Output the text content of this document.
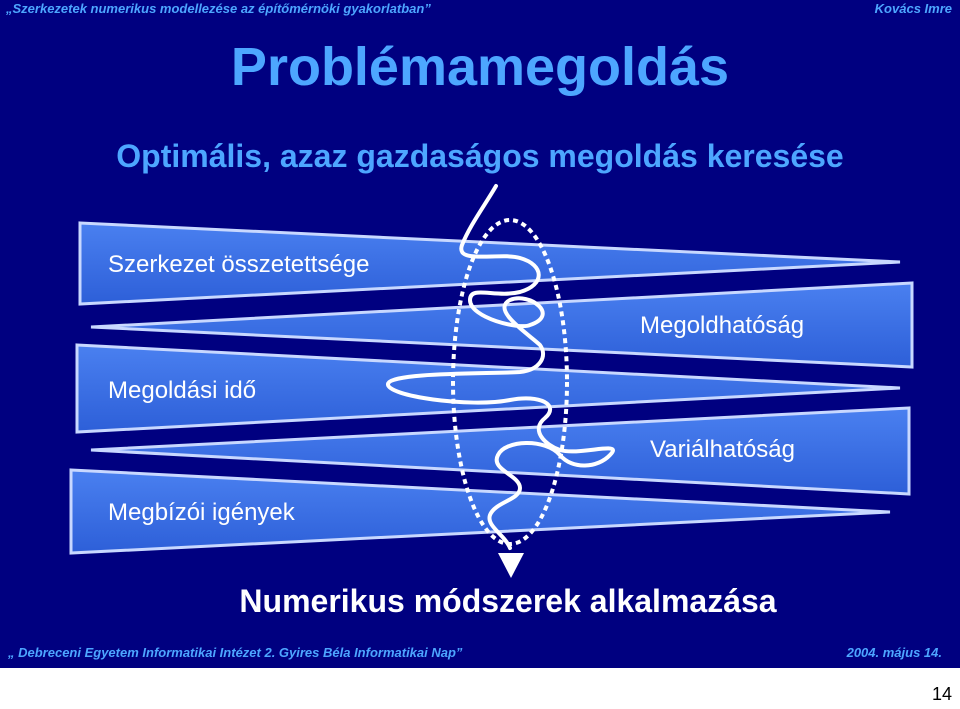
„Szerkezetek numerikus modellezése az építőmérnöki gyakorlatban”	Kovács Imre
Problémamegoldás
Optimális, azaz gazdaságos megoldás keresése
Szerkezet összetettsége
Megoldhatóság
Megoldási idő
Variálhatóság
Megbízói igények
Numerikus módszerek alkalmazása
„ Debreceni Egyetem Informatikai Intézet 2. Gyires Béla Informatikai Nap”	2004. május 14.
14
